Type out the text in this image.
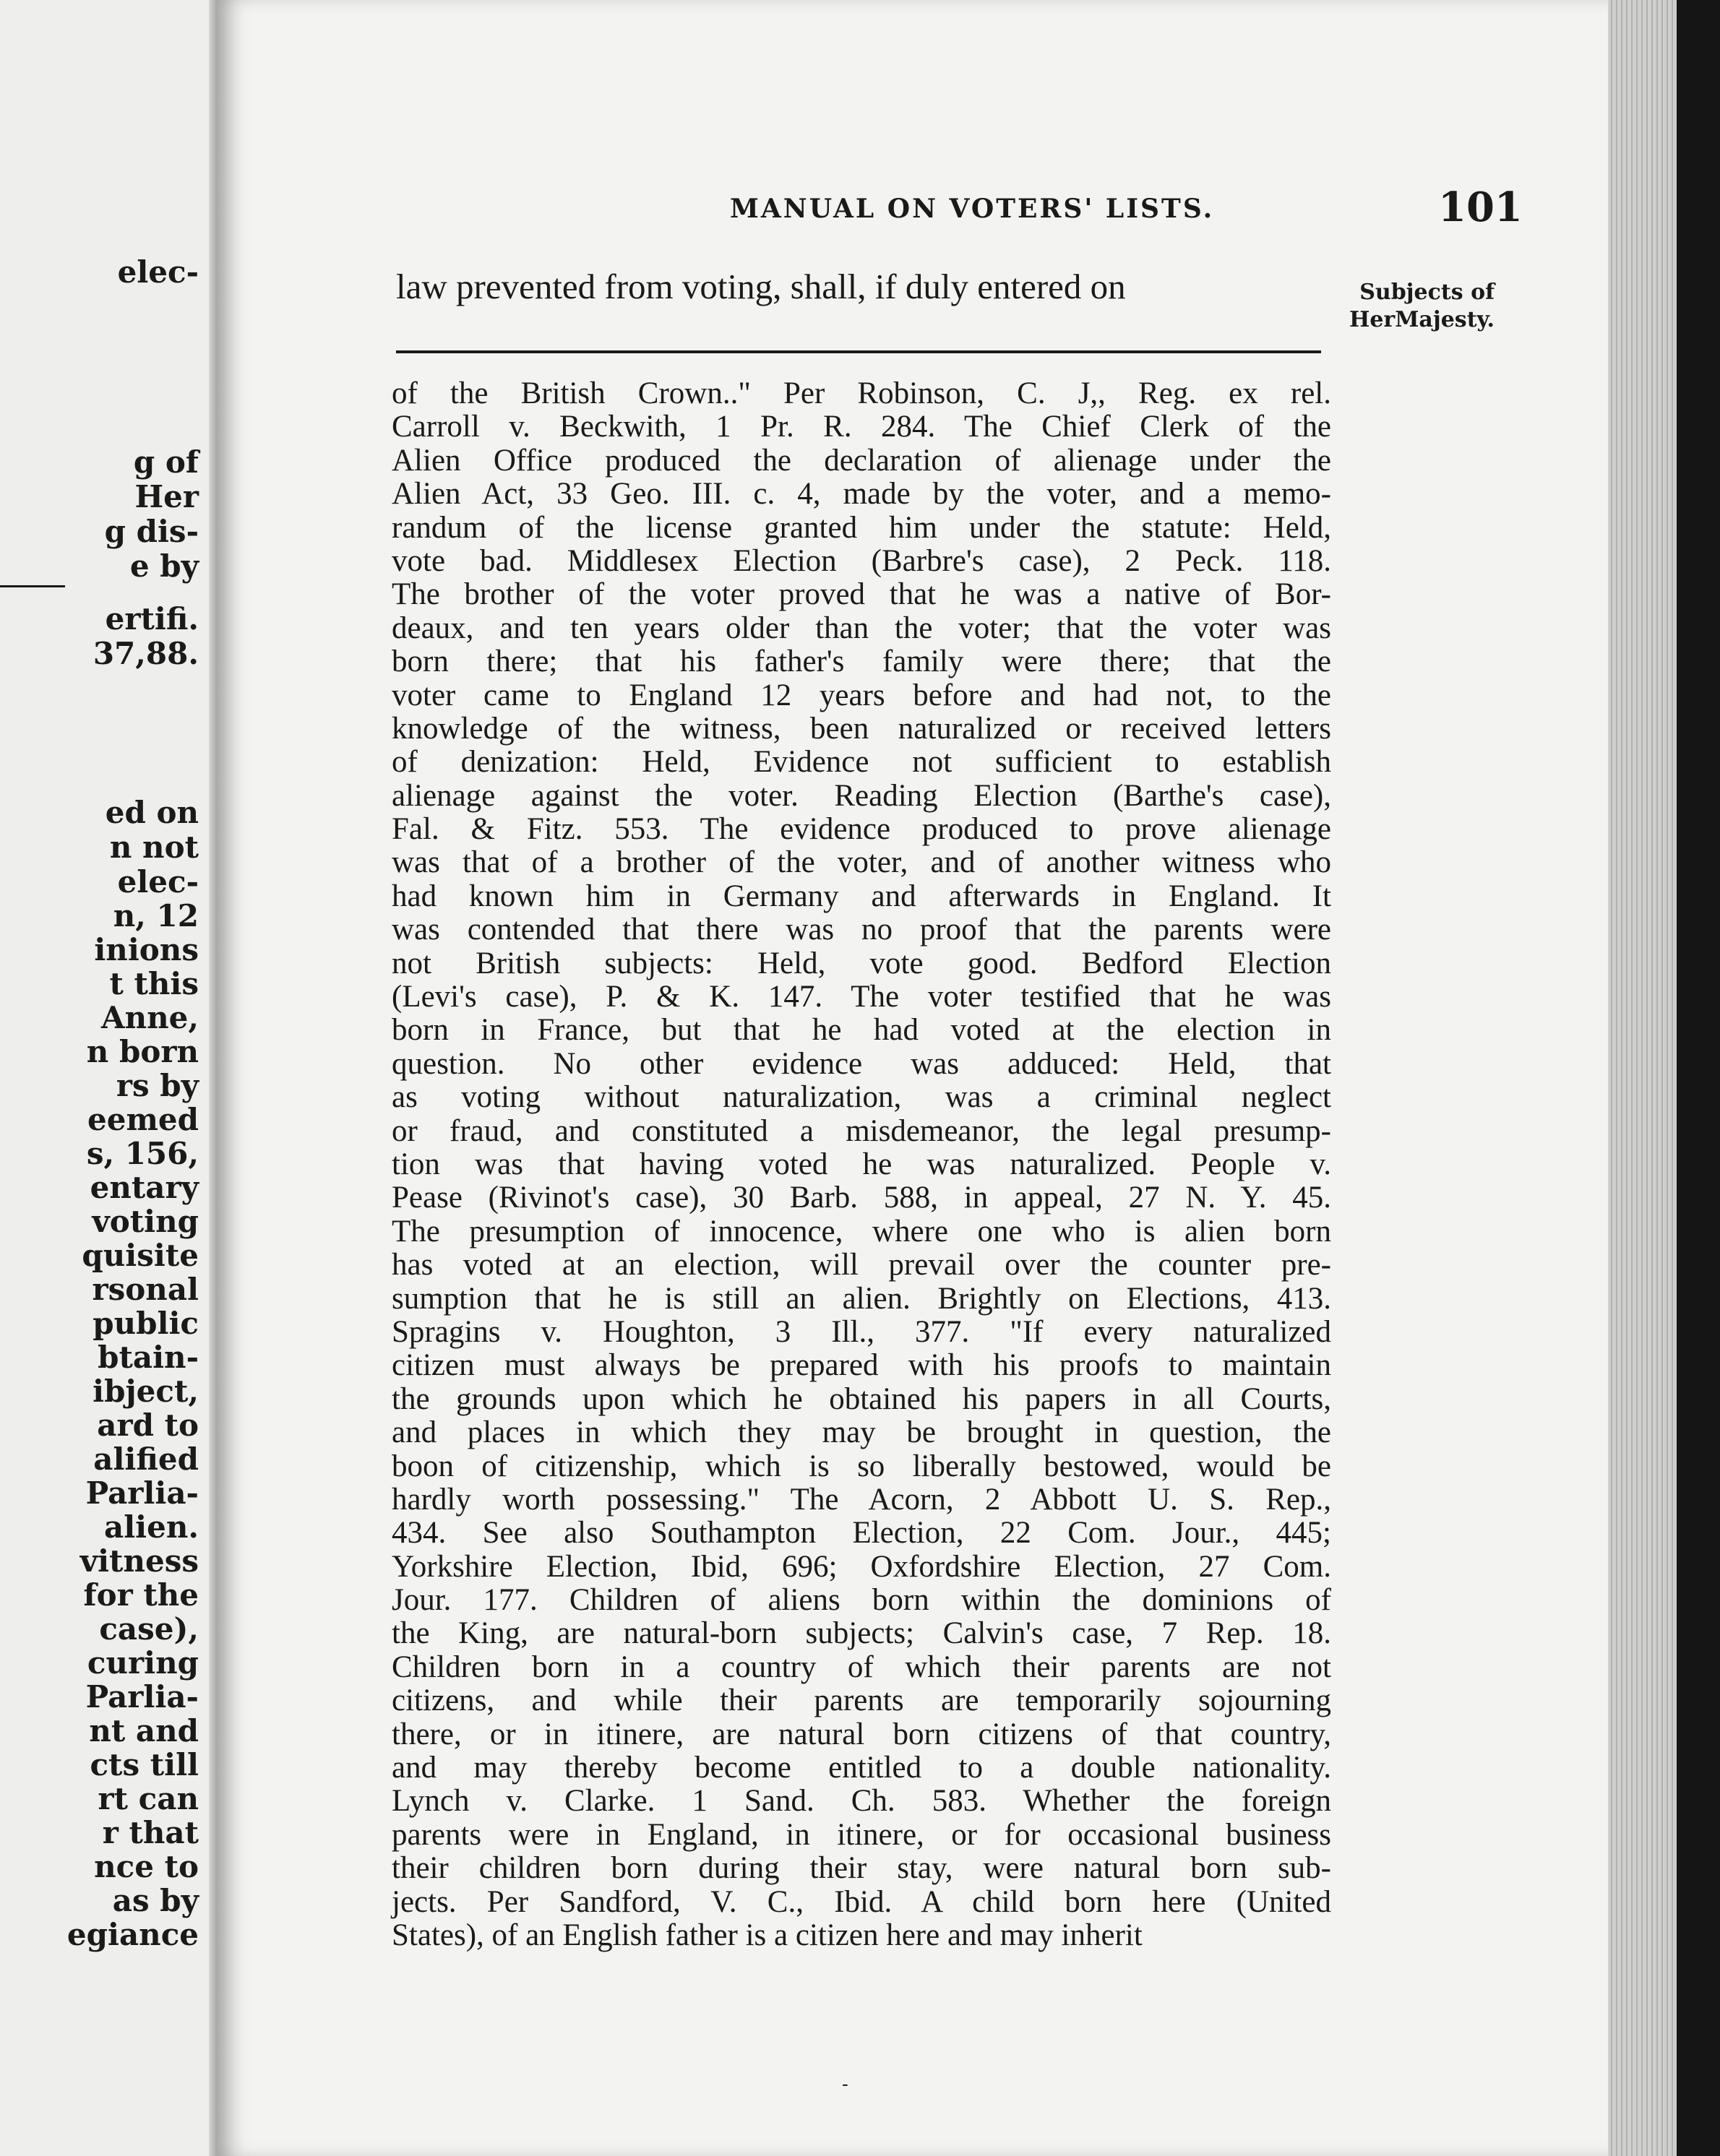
elec-
g of
Her
g dis-
e by
ertifi.
37,88.
ed on
n not
elec-
n, 12
inions
t this
Anne,
n born
rs by
eemed
s, 156,
entary
voting
quisite
rsonal
public
btain-
ibject,
ard to
alified
Parlia-
alien.
vitness
for the
case),
curing
Parlia-
nt and
cts till
rt can
r that
nce to
as by
egiance
MANUAL ON VOTERS' LISTS.	101
law prevented from voting, shall, if duly entered on	Subjects of HerMajesty.
of the British Crown.." Per Robinson, C. J,, Reg. ex rel.
Carroll v. Beckwith, 1 Pr. R. 284. The Chief Clerk of the
Alien Office produced the declaration of alienage under the
Alien Act, 33 Geo. III. c. 4, made by the voter, and a memo-
randum of the license granted him under the statute: Held,
vote bad. Middlesex Election (Barbre's case), 2 Peck. 118.
The brother of the voter proved that he was a native of Bor-
deaux, and ten years older than the voter; that the voter was
born there; that his father's family were there; that the
voter came to England 12 years before and had not, to the
knowledge of the witness, been naturalized or received letters
of denization: Held, Evidence not sufficient to establish
alienage against the voter. Reading Election (Barthe's case),
Fal. & Fitz. 553. The evidence produced to prove alienage
was that of a brother of the voter, and of another witness who
had known him in Germany and afterwards in England. It
was contended that there was no proof that the parents were
not British subjects: Held, vote good. Bedford Election
(Levi's case), P. & K. 147. The voter testified that he was
born in France, but that he had voted at the election in
question. No other evidence was adduced: Held, that
as voting without naturalization, was a criminal neglect
or fraud, and constituted a misdemeanor, the legal presump-
tion was that having voted he was naturalized. People v.
Pease (Rivinot's case), 30 Barb. 588, in appeal, 27 N. Y. 45.
The presumption of innocence, where one who is alien born
has voted at an election, will prevail over the counter pre-
sumption that he is still an alien. Brightly on Elections, 413.
Spragins v. Houghton, 3 Ill., 377. "If every naturalized
citizen must always be prepared with his proofs to maintain
the grounds upon which he obtained his papers in all Courts,
and places in which they may be brought in question, the
boon of citizenship, which is so liberally bestowed, would be
hardly worth possessing." The Acorn, 2 Abbott U. S. Rep.,
434. See also Southampton Election, 22 Com. Jour., 445;
Yorkshire Election, Ibid, 696; Oxfordshire Election, 27 Com.
Jour. 177. Children of aliens born within the dominions of
the King, are natural-born subjects; Calvin's case, 7 Rep. 18.
Children born in a country of which their parents are not
citizens, and while their parents are temporarily sojourning
there, or in itinere, are natural born citizens of that country,
and may thereby become entitled to a double nationality.
Lynch v. Clarke. 1 Sand. Ch. 583. Whether the foreign
parents were in England, in itinere, or for occasional business
their children born during their stay, were natural born sub-
jects. Per Sandford, V. C., Ibid. A child born here (United
States), of an English father is a citizen here and may inherit
-
